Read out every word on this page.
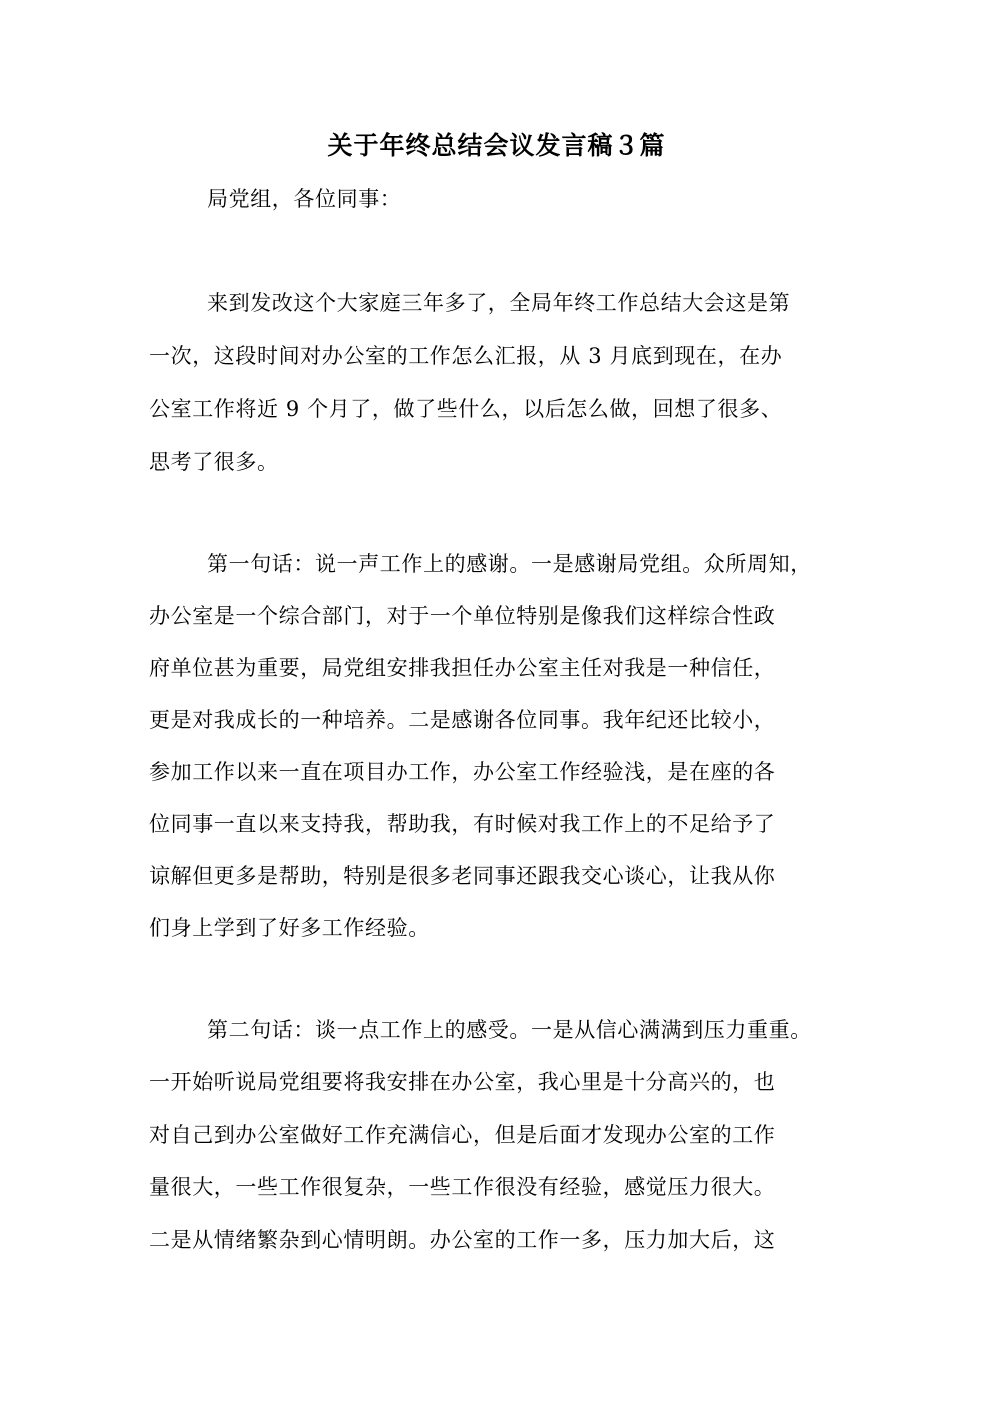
关于年终总结会议发言稿３篇
局党组，各位同事：
来到发改这个大家庭三年多了，全局年终工作总结大会这是第
一次，这段时间对办公室的工作怎么汇报，从 3 月底到现在，在办
公室工作将近 9 个月了，做了些什么，以后怎么做，回想了很多、
思考了很多。
第一句话：说一声工作上的感谢。一是感谢局党组。众所周知，
办公室是一个综合部门，对于一个单位特别是像我们这样综合性政
府单位甚为重要，局党组安排我担任办公室主任对我是一种信任，
更是对我成长的一种培养。二是感谢各位同事。我年纪还比较小，
参加工作以来一直在项目办工作，办公室工作经验浅，是在座的各
位同事一直以来支持我，帮助我，有时候对我工作上的不足给予了
谅解但更多是帮助，特别是很多老同事还跟我交心谈心，让我从你
们身上学到了好多工作经验。
第二句话：谈一点工作上的感受。一是从信心满满到压力重重。
一开始听说局党组要将我安排在办公室，我心里是十分高兴的，也
对自己到办公室做好工作充满信心，但是后面才发现办公室的工作
量很大，一些工作很复杂，一些工作很没有经验，感觉压力很大。
二是从情绪繁杂到心情明朗。办公室的工作一多，压力加大后，这
